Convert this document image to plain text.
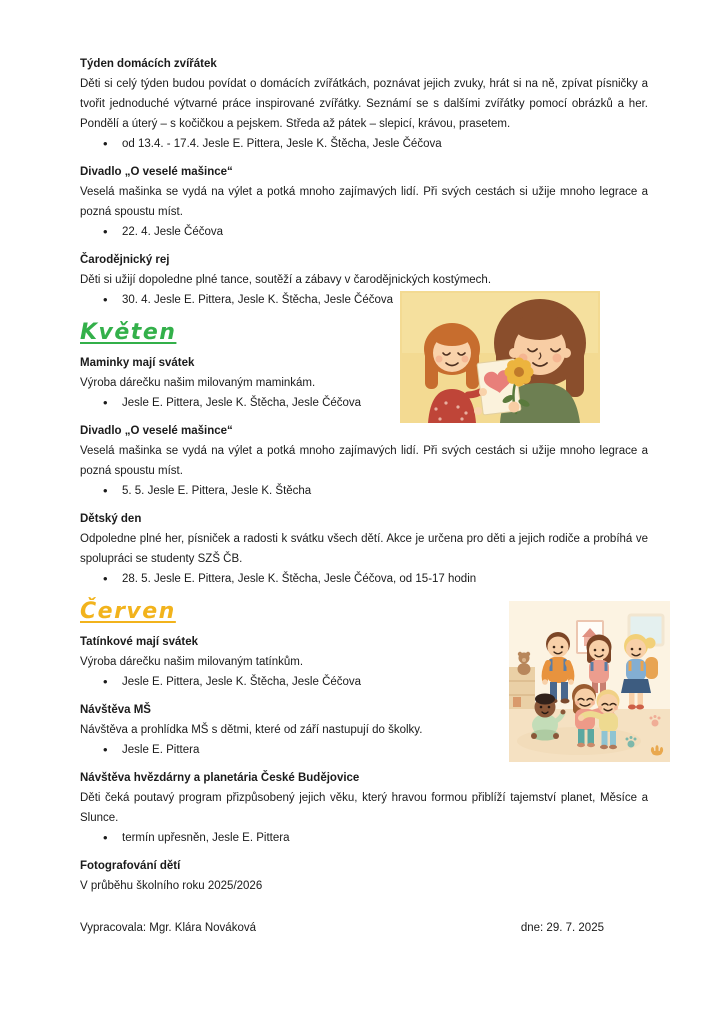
Týden domácích zvířátek

Děti si celý týden budou povídat o domácích zvířátkách, poznávat jejich zvuky, hrát si na ně, zpívat písničky a tvořit jednoduché výtvarné práce inspirované zvířátky. Seznámí se s dalšími zvířátky pomocí obrázků a her. Pondělí a úterý – s kočičkou a pejskem. Středa až pátek – slepicí, krávou, prasetem.

• od 13.4. - 17.4. Jesle E. Pittera, Jesle K. Štěcha, Jesle Čéčova
Divadlo „O veselé mašince“

Veselá mašinka se vydá na výlet a potká mnoho zajímavých lidí. Při svých cestách si užije mnoho legrace a pozná spoustu míst.

• 22. 4. Jesle Čéčova
Čarodějnický rej

Děti si užijí dopoledne plné tance, soutěží a zábavy v čarodějnických kostýmech.

• 30. 4. Jesle E. Pittera, Jesle K. Štěcha, Jesle Čéčova
Květen
Maminky mají svátek

Výroba dárečku našim milovaným maminkám.

• Jesle E. Pittera, Jesle K. Štěcha, Jesle Čéčova
Divadlo „O veselé mašince“

Veselá mašinka se vydá na výlet a potká mnoho zajímavých lidí. Při svých cestách si užije mnoho legrace a pozná spoustu míst.

• 5. 5. Jesle E. Pittera, Jesle K. Štěcha
Dětský den

Odpoledne plné her, písniček a radosti k svátku všech dětí. Akce je určena pro děti a jejich rodiče a probíhá ve spolupráci se studenty SZŠ ČB.

• 28. 5. Jesle E. Pittera, Jesle K. Štěcha, Jesle Čéčova, od 15-17 hodin
Červen
Tatínkové mají svátek

Výroba dárečku našim milovaným tatínkům.

• Jesle E. Pittera, Jesle K. Štěcha, Jesle Čéčova
Návštěva MŠ

Návštěva a prohlídka MŠ s dětmi, které od září nastupují do školky.

• Jesle E. Pittera
Návštěva hvězdárny a planetária České Budějovice

Děti čeká poutavý program přizpůsobený jejich věku, který hravou formou přiblíží tajemství planet, Měsíce a Slunce.

• termín upřesněn, Jesle E. Pittera
Fotografování dětí

V průběhu školního roku 2025/2026

Vypracovala: Mgr. Klára Nováková	dne: 29. 7. 2025
